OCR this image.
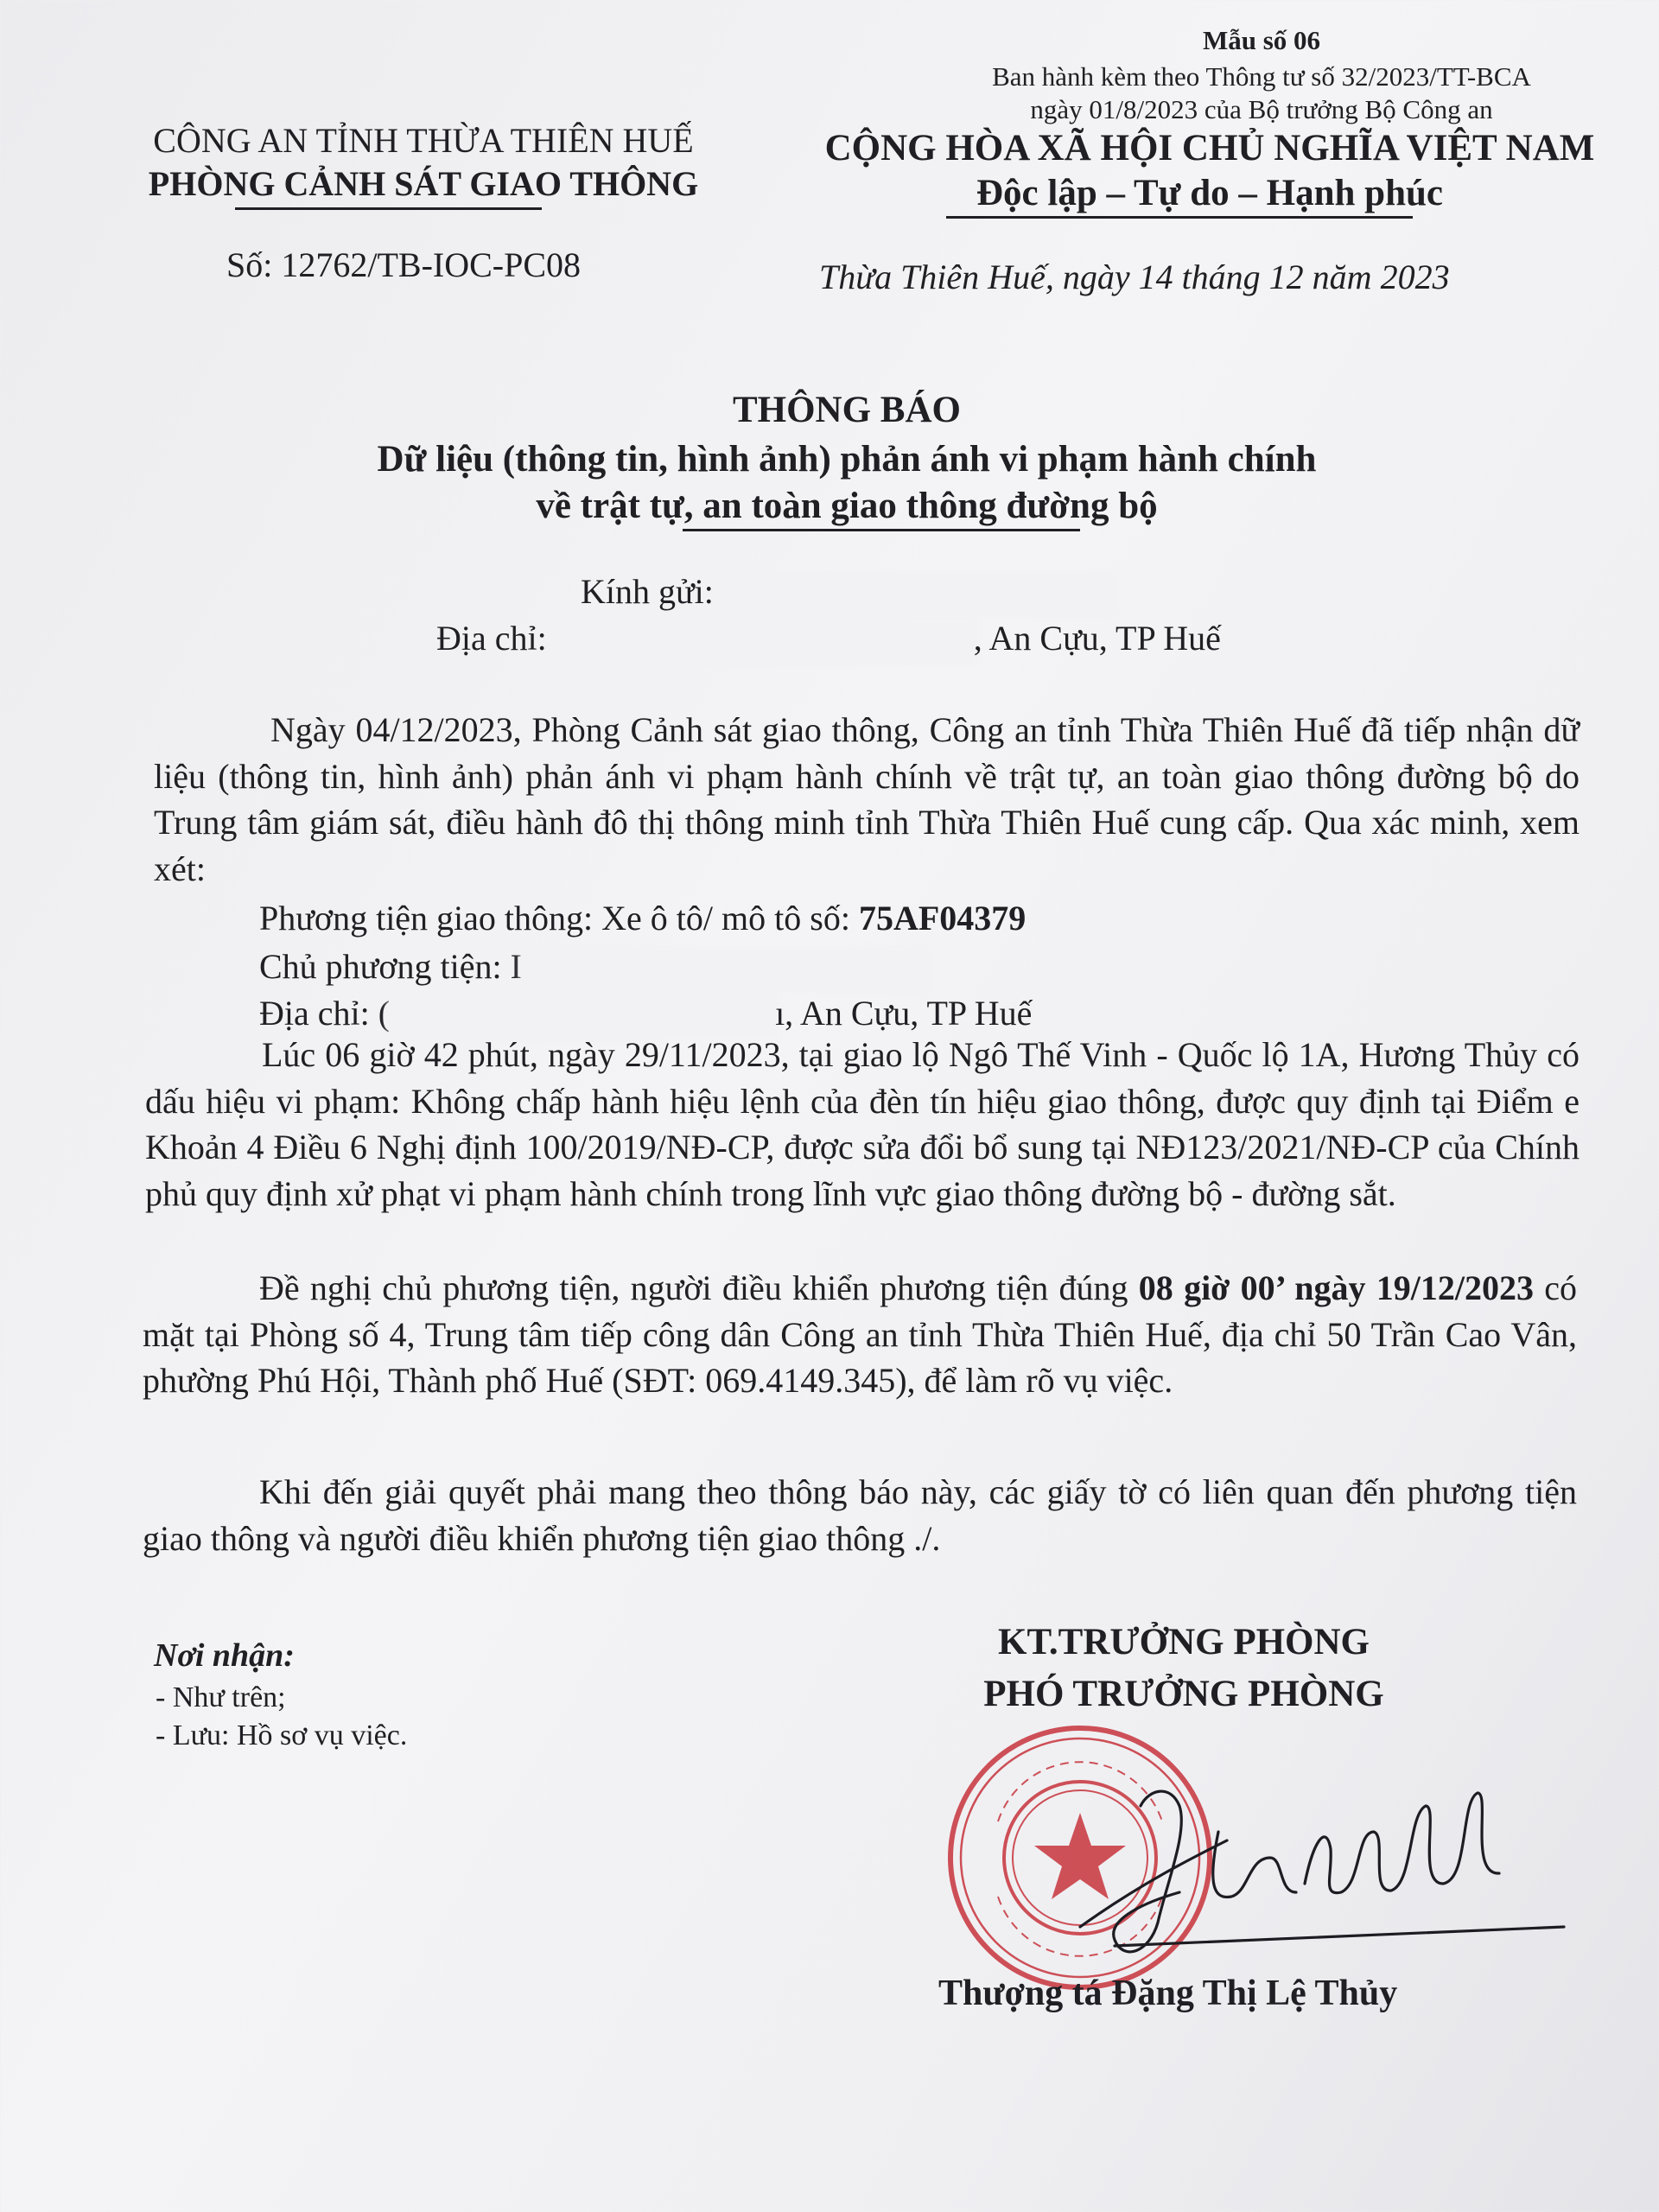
Mẫu số 06
Ban hành kèm theo Thông tư số 32/2023/TT-BCA
ngày 01/8/2023 của Bộ trưởng Bộ Công an
CÔNG AN TỈNH THỪA THIÊN HUẾ
PHÒNG CẢNH SÁT GIAO THÔNG
Số: 12762/TB-IOC-PC08
CỘNG HÒA XÃ HỘI CHỦ NGHĨA VIỆT NAM
Độc lập – Tự do – Hạnh phúc
Thừa Thiên Huế, ngày 14 tháng 12 năm 2023
THÔNG BÁO
Dữ liệu (thông tin, hình ảnh) phản ánh vi phạm hành chính
về trật tự, an toàn giao thông đường bộ
Kính gửi:
Địa chỉ:	, An Cựu, TP Huế

Ngày 04/12/2023, Phòng Cảnh sát giao thông, Công an tỉnh Thừa Thiên Huế đã tiếp nhận dữ liệu (thông tin, hình ảnh) phản ánh vi phạm hành chính về trật tự, an toàn giao thông đường bộ do Trung tâm giám sát, điều hành đô thị thông minh tỉnh Thừa Thiên Huế cung cấp. Qua xác minh, xem xét:

Phương tiện giao thông: Xe ô tô/ mô tô số: 75AF04379
Chủ phương tiện: I
Địa chỉ: (	ı, An Cựu, TP Huế

Lúc 06 giờ 42 phút, ngày 29/11/2023, tại giao lộ Ngô Thế Vinh - Quốc lộ 1A, Hương Thủy có dấu hiệu vi phạm: Không chấp hành hiệu lệnh của đèn tín hiệu giao thông, được quy định tại Điểm e Khoản 4 Điều 6 Nghị định 100/2019/NĐ-CP, được sửa đổi bổ sung tại NĐ123/2021/NĐ-CP của Chính phủ quy định xử phạt vi phạm hành chính trong lĩnh vực giao thông đường bộ - đường sắt.

Đề nghị chủ phương tiện, người điều khiển phương tiện đúng 08 giờ 00’ ngày 19/12/2023 có mặt tại Phòng số 4, Trung tâm tiếp công dân Công an tỉnh Thừa Thiên Huế, địa chỉ 50 Trần Cao Vân, phường Phú Hội, Thành phố Huế (SĐT: 069.4149.345), để làm rõ vụ việc.

Khi đến giải quyết phải mang theo thông báo này, các giấy tờ có liên quan đến phương tiện giao thông và người điều khiển phương tiện giao thông ./.

Nơi nhận:
- Như trên;
- Lưu: Hồ sơ vụ việc.
KT.TRƯỞNG PHÒNG
PHÓ TRƯỞNG PHÒNG
Thượng tá Đặng Thị Lệ Thủy
